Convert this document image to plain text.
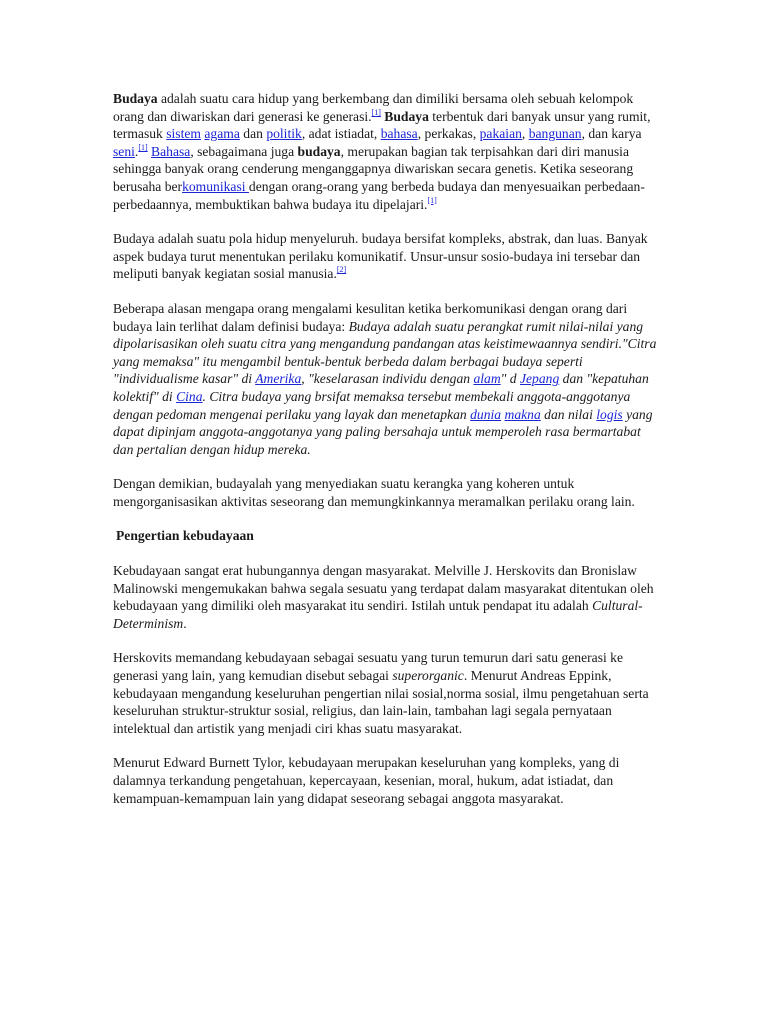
Budaya adalah suatu cara hidup yang berkembang dan dimiliki bersama oleh sebuah kelompok orang dan diwariskan dari generasi ke generasi.[1] Budaya terbentuk dari banyak unsur yang rumit, termasuk sistem agama dan politik, adat istiadat, bahasa, perkakas, pakaian, bangunan, dan karya seni.[1] Bahasa, sebagaimana juga budaya, merupakan bagian tak terpisahkan dari diri manusia sehingga banyak orang cenderung menganggapnya diwariskan secara genetis. Ketika seseorang berusaha berkomunikasi dengan orang-orang yang berbeda budaya dan menyesuaikan perbedaan-perbedaannya, membuktikan bahwa budaya itu dipelajari.[1]

Budaya adalah suatu pola hidup menyeluruh. budaya bersifat kompleks, abstrak, dan luas. Banyak aspek budaya turut menentukan perilaku komunikatif. Unsur-unsur sosio-budaya ini tersebar dan meliputi banyak kegiatan sosial manusia.[2]

Beberapa alasan mengapa orang mengalami kesulitan ketika berkomunikasi dengan orang dari budaya lain terlihat dalam definisi budaya: Budaya adalah suatu perangkat rumit nilai-nilai yang dipolarisasikan oleh suatu citra yang mengandung pandangan atas keistimewaannya sendiri."Citra yang memaksa" itu mengambil bentuk-bentuk berbeda dalam berbagai budaya seperti "individualisme kasar" di Amerika, "keselarasan individu dengan alam" d Jepang dan "kepatuhan kolektif" di Cina. Citra budaya yang brsifat memaksa tersebut membekali anggota-anggotanya dengan pedoman mengenai perilaku yang layak dan menetapkan dunia makna dan nilai logis yang dapat dipinjam anggota-anggotanya yang paling bersahaja untuk memperoleh rasa bermartabat dan pertalian dengan hidup mereka.

Dengan demikian, budayalah yang menyediakan suatu kerangka yang koheren untuk mengorganisasikan aktivitas seseorang dan memungkinkannya meramalkan perilaku orang lain.

Pengertian kebudayaan

Kebudayaan sangat erat hubungannya dengan masyarakat. Melville J. Herskovits dan Bronislaw Malinowski mengemukakan bahwa segala sesuatu yang terdapat dalam masyarakat ditentukan oleh kebudayaan yang dimiliki oleh masyarakat itu sendiri. Istilah untuk pendapat itu adalah Cultural-Determinism.

Herskovits memandang kebudayaan sebagai sesuatu yang turun temurun dari satu generasi ke generasi yang lain, yang kemudian disebut sebagai superorganic. Menurut Andreas Eppink, kebudayaan mengandung keseluruhan pengertian nilai sosial,norma sosial, ilmu pengetahuan serta keseluruhan struktur-struktur sosial, religius, dan lain-lain, tambahan lagi segala pernyataan intelektual dan artistik yang menjadi ciri khas suatu masyarakat.

Menurut Edward Burnett Tylor, kebudayaan merupakan keseluruhan yang kompleks, yang di dalamnya terkandung pengetahuan, kepercayaan, kesenian, moral, hukum, adat istiadat, dan kemampuan-kemampuan lain yang didapat seseorang sebagai anggota masyarakat.
